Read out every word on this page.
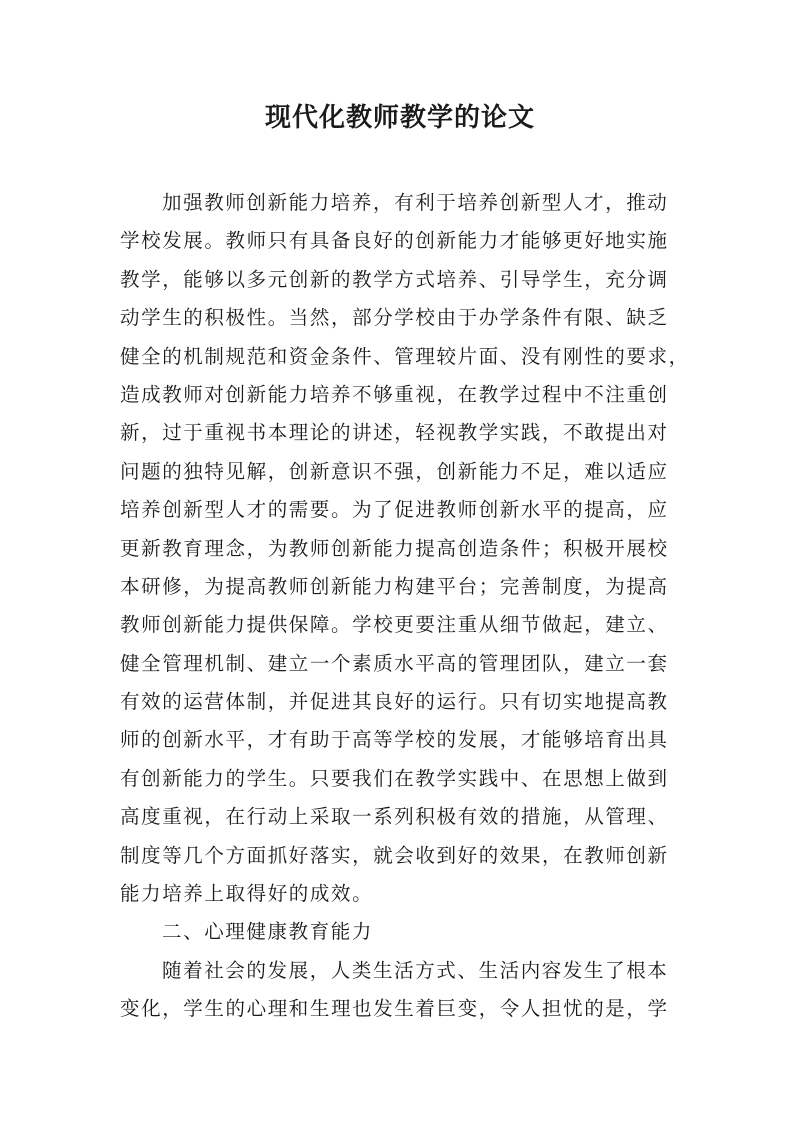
现代化教师教学的论文
加强教师创新能力培养，有利于培养创新型人才，推动
学校发展。教师只有具备良好的创新能力才能够更好地实施
教学，能够以多元创新的教学方式培养、引导学生，充分调
动学生的积极性。当然，部分学校由于办学条件有限、缺乏
健全的机制规范和资金条件、管理较片面、没有刚性的要求，
造成教师对创新能力培养不够重视，在教学过程中不注重创
新，过于重视书本理论的讲述，轻视教学实践，不敢提出对
问题的独特见解，创新意识不强，创新能力不足，难以适应
培养创新型人才的需要。为了促进教师创新水平的提高，应
更新教育理念，为教师创新能力提高创造条件；积极开展校
本研修，为提高教师创新能力构建平台；完善制度，为提高
教师创新能力提供保障。学校更要注重从细节做起，建立、
健全管理机制、建立一个素质水平高的管理团队，建立一套
有效的运营体制，并促进其良好的运行。只有切实地提高教
师的创新水平，才有助于高等学校的发展，才能够培育出具
有创新能力的学生。只要我们在教学实践中、在思想上做到
高度重视，在行动上采取一系列积极有效的措施，从管理、
制度等几个方面抓好落实，就会收到好的效果，在教师创新
能力培养上取得好的成效。
二、心理健康教育能力
随着社会的发展，人类生活方式、生活内容发生了根本
变化，学生的心理和生理也发生着巨变，令人担忧的是，学
